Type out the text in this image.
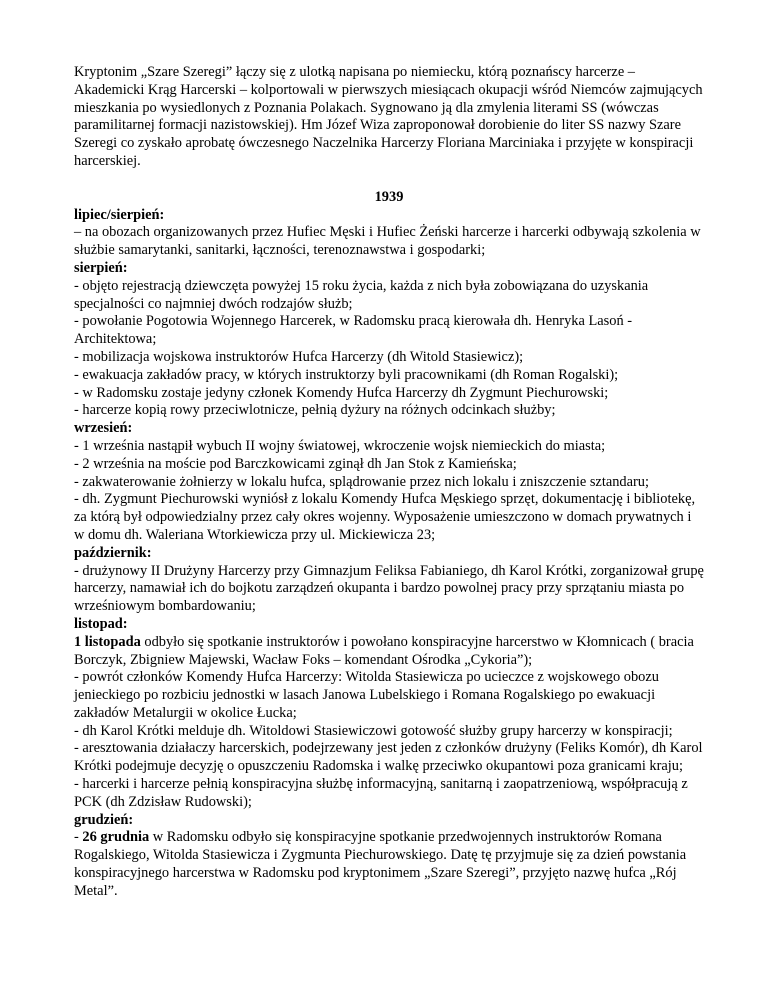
Kryptonim „Szare Szeregi” łączy się z ulotką napisana po niemiecku, którą poznańscy harcerze – Akademicki Krąg Harcerski – kolportowali w pierwszych miesiącach okupacji wśród Niemców zajmujących mieszkania po wysiedlonych z Poznania Polakach. Sygnowano ją dla zmylenia literami SS (wówczas paramilitarnej formacji nazistowskiej). Hm Józef Wiza zaproponował dorobienie do liter SS nazwy Szare Szeregi co zyskało aprobatę ówczesnego Naczelnika Harcerzy Floriana Marciniaka i przyjęte w konspiracji harcerskiej.

1939
lipiec/sierpień:

– na obozach organizowanych przez Hufiec Męski i Hufiec Żeński harcerze i harcerki odbywają szkolenia w służbie samarytanki, sanitarki, łączności, terenoznawstwa i gospodarki;

sierpień:

- objęto rejestracją dziewczęta powyżej 15 roku życia, każda z nich była zobowiązana do uzyskania specjalności co najmniej dwóch rodzajów służb;

- powołanie Pogotowia Wojennego Harcerek, w Radomsku pracą kierowała dh. Henryka Lasoń - Architektowa;

- mobilizacja wojskowa instruktorów Hufca Harcerzy (dh Witold Stasiewicz);

- ewakuacja zakładów pracy, w których instruktorzy byli pracownikami (dh Roman Rogalski);

- w Radomsku zostaje jedyny członek Komendy Hufca Harcerzy dh Zygmunt Piechurowski;

- harcerze kopią rowy przeciwlotnicze, pełnią dyżury na różnych odcinkach służby;

wrzesień:

- 1 września nastąpił wybuch II wojny światowej, wkroczenie wojsk niemieckich do miasta;

- 2 września na moście pod Barczkowicami zginął dh Jan Stok z Kamieńska;

- zakwaterowanie żołnierzy w lokalu hufca, splądrowanie przez nich lokalu i zniszczenie sztandaru;

- dh. Zygmunt Piechurowski wyniósł z lokalu Komendy Hufca Męskiego sprzęt, dokumentację i bibliotekę, za którą był odpowiedzialny przez cały okres wojenny. Wyposażenie umieszczono w domach prywatnych i w domu dh. Waleriana Wtorkiewicza przy ul. Mickiewicza 23;

październik:

- drużynowy II Drużyny Harcerzy przy Gimnazjum Feliksa Fabianiego, dh Karol Krótki, zorganizował grupę harcerzy, namawiał ich do bojkotu zarządzeń okupanta i bardzo powolnej pracy przy sprzątaniu miasta po wrześniowym bombardowaniu;

listopad:

1 listopada odbyło się spotkanie instruktorów i powołano konspiracyjne harcerstwo w Kłomnicach ( bracia Borczyk, Zbigniew Majewski, Wacław Foks – komendant Ośrodka „Cykoria”);

- powrót członków Komendy Hufca Harcerzy: Witolda Stasiewicza po ucieczce z wojskowego obozu jenieckiego po rozbiciu jednostki w lasach Janowa Lubelskiego i Romana Rogalskiego po ewakuacji zakładów Metalurgii w okolice Łucka;

- dh Karol Krótki melduje dh. Witoldowi Stasiewiczowi gotowość służby grupy harcerzy w konspiracji;

- aresztowania działaczy harcerskich, podejrzewany jest jeden z członków drużyny (Feliks Komór), dh Karol Krótki podejmuje decyzję o opuszczeniu Radomska i walkę przeciwko okupantowi poza granicami kraju;

- harcerki i harcerze pełnią konspiracyjna służbę informacyjną, sanitarną i zaopatrzeniową, współpracują z PCK (dh Zdzisław Rudowski);

grudzień:

- 26 grudnia w Radomsku odbyło się konspiracyjne spotkanie przedwojennych instruktorów Romana Rogalskiego, Witolda Stasiewicza i Zygmunta Piechurowskiego. Datę tę przyjmuje się za dzień powstania konspiracyjnego harcerstwa w Radomsku pod kryptonimem „Szare Szeregi”, przyjęto nazwę hufca „Rój Metal”.
